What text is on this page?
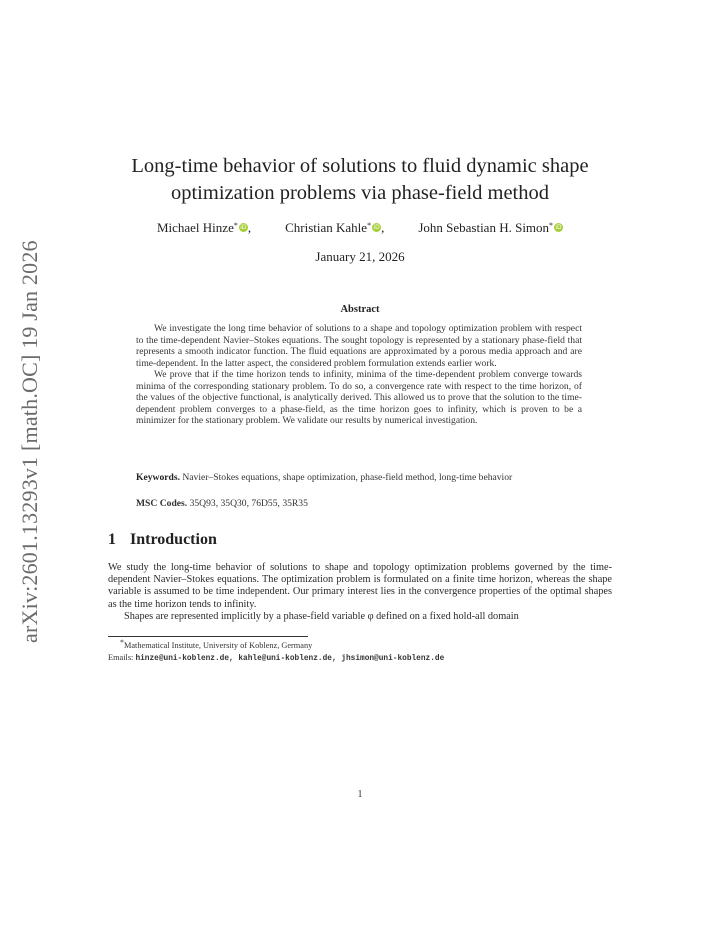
arXiv:2601.13293v1 [math.OC] 19 Jan 2026
Long-time behavior of solutions to fluid dynamic shape
optimization problems via phase-field method
Michael Hinze * iD ,	Christian Kahle * iD ,	John Sebastian H. Simon * iD
January 21, 2026
Abstract

We investigate the long time behavior of solutions to a shape and topology optimization problem with respect to the time-dependent Navier–Stokes equations. The sought topology is represented by a stationary phase-field that represents a smooth indicator function. The fluid equations are approximated by a porous media approach and are time-dependent. In the latter aspect, the considered problem formulation extends earlier work.

We prove that if the time horizon tends to infinity, minima of the time-dependent problem converge towards minima of the corresponding stationary problem. To do so, a convergence rate with respect to the time horizon, of the values of the objective functional, is analytically derived. This allowed us to prove that the solution to the time-dependent problem converges to a phase-field, as the time horizon goes to infinity, which is proven to be a minimizer for the stationary problem. We validate our results by numerical investigation.

Keywords. Navier–Stokes equations, shape optimization, phase-field method, long-time behavior
MSC Codes. 35Q93, 35Q30, 76D55, 35R35
1 Introduction

We study the long-time behavior of solutions to shape and topology optimization problems governed by the time-dependent Navier–Stokes equations. The optimization problem is formulated on a finite time horizon, whereas the shape variable is assumed to be time independent. Our primary interest lies in the convergence properties of the optimal shapes as the time horizon tends to infinity.

Shapes are represented implicitly by a phase-field variable φ defined on a fixed hold-all domain

*Mathematical Institute, University of Koblenz, Germany
Emails: hinze@uni-koblenz.de, kahle@uni-koblenz.de, jhsimon@uni-koblenz.de
1
